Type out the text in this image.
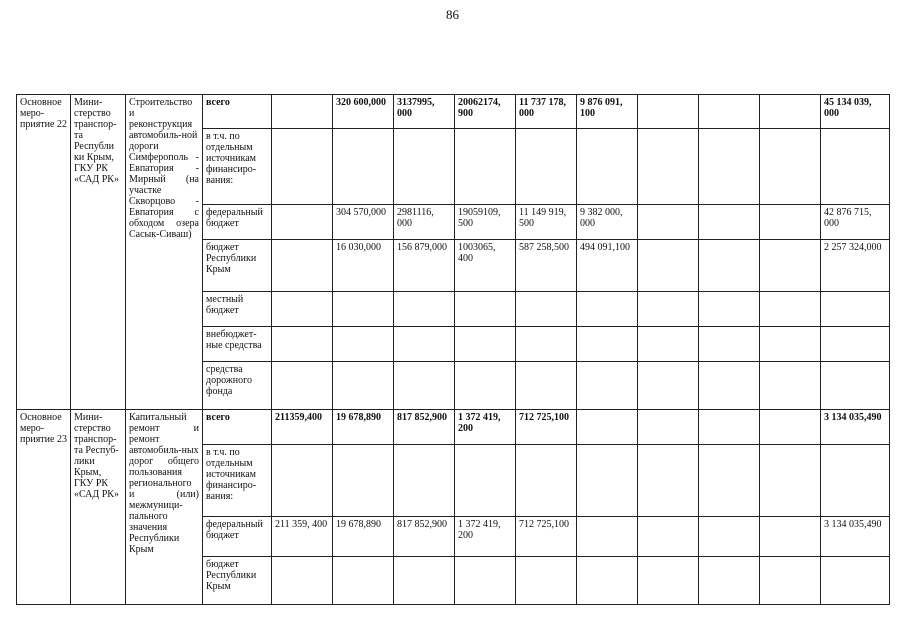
86
Основное меро-приятие 22	Мини-стерство транспор-та Республи ки Крым, ГКУ РК «САД РК»	Строительство и реконструкция автомобиль-ной дороги Симферополь - Евпатория - Мирный (на участке Скворцово - Евпатория с обходом озера Сасык-Сиваш)	всего		320 600,000	3137995, 000	20062174, 900	11 737 178, 000	9 876 091, 100				45 134 039, 000
			в т.ч. по отдельным источникам финансиро-вания:										
			федеральный бюджет		304 570,000	2981116, 000	19059109, 500	11 149 919, 500	9 382 000, 000				42 876 715, 000
			бюджет Республики Крым		16 030,000	156 879,000	1003065, 400	587 258,500	494 091,100				2 257 324,000
			местный бюджет										
			внебюджет-ные средства										
			средства дорожного фонда										
Основное меро-приятие 23	Мини-стерство транспор-та Респуб-лики Крым, ГКУ РК «САД РК»	Капитальный ремонт и ремонт автомобиль-ных дорог общего пользования регионального и (или) межмуници-пального значения Республики Крым	всего	211359,400	19 678,890	817 852,900	1 372 419, 200	712 725,100					3 134 035,490
			в т.ч. по отдельным источникам финансиро-вания:										
			федеральный бюджет	211 359, 400	19 678,890	817 852,900	1 372 419, 200	712 725,100					3 134 035,490
			бюджет Республики Крым										
